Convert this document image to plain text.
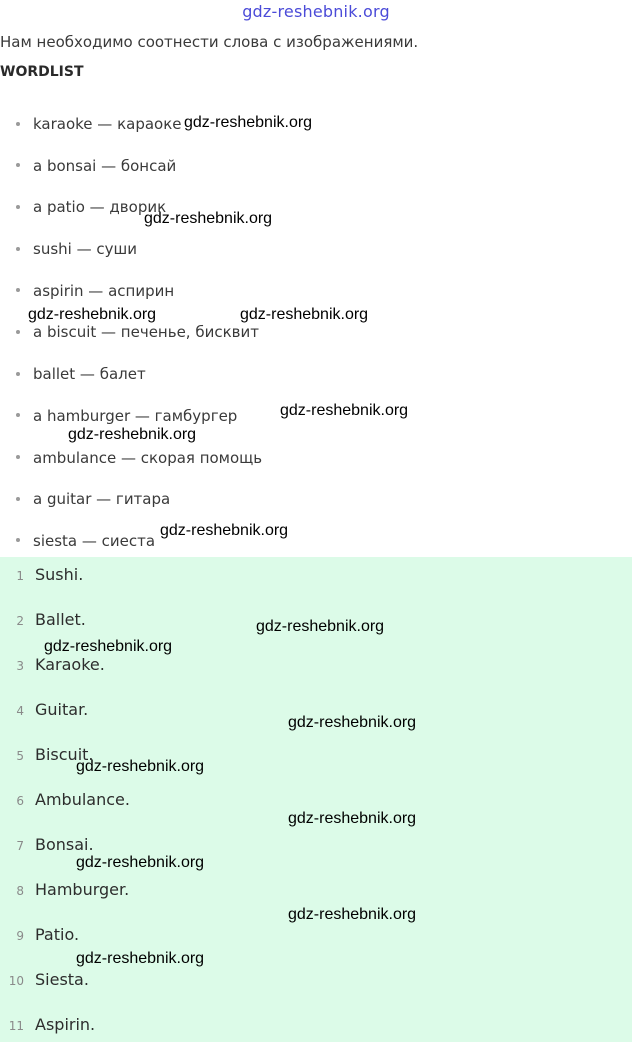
gdz-reshebnik.org
Нам необходимо соотнести слова с изображениями.
WORDLIST
karaoke — караоке
a bonsai — бонсай
a patio — дворик
sushi — суши
aspirin — аспирин
a biscuit — печенье, бисквит
ballet — балет
a hamburger — гамбургер
ambulance — скорая помощь
a guitar — гитара
siesta — сиеста
1 Sushi.
2 Ballet.
3 Karaoke.
4 Guitar.
5 Biscuit.
6 Ambulance.
7 Bonsai.
8 Hamburger.
9 Patio.
10 Siesta.
11 Aspirin.
gdz-reshebnik.org
gdz-reshebnik.org
gdz-reshebnik.org	gdz-reshebnik.org
gdz-reshebnik.org
gdz-reshebnik.org
gdz-reshebnik.org
gdz-reshebnik.org
gdz-reshebnik.org
gdz-reshebnik.org
gdz-reshebnik.org
gdz-reshebnik.org
gdz-reshebnik.org
gdz-reshebnik.org
gdz-reshebnik.org
